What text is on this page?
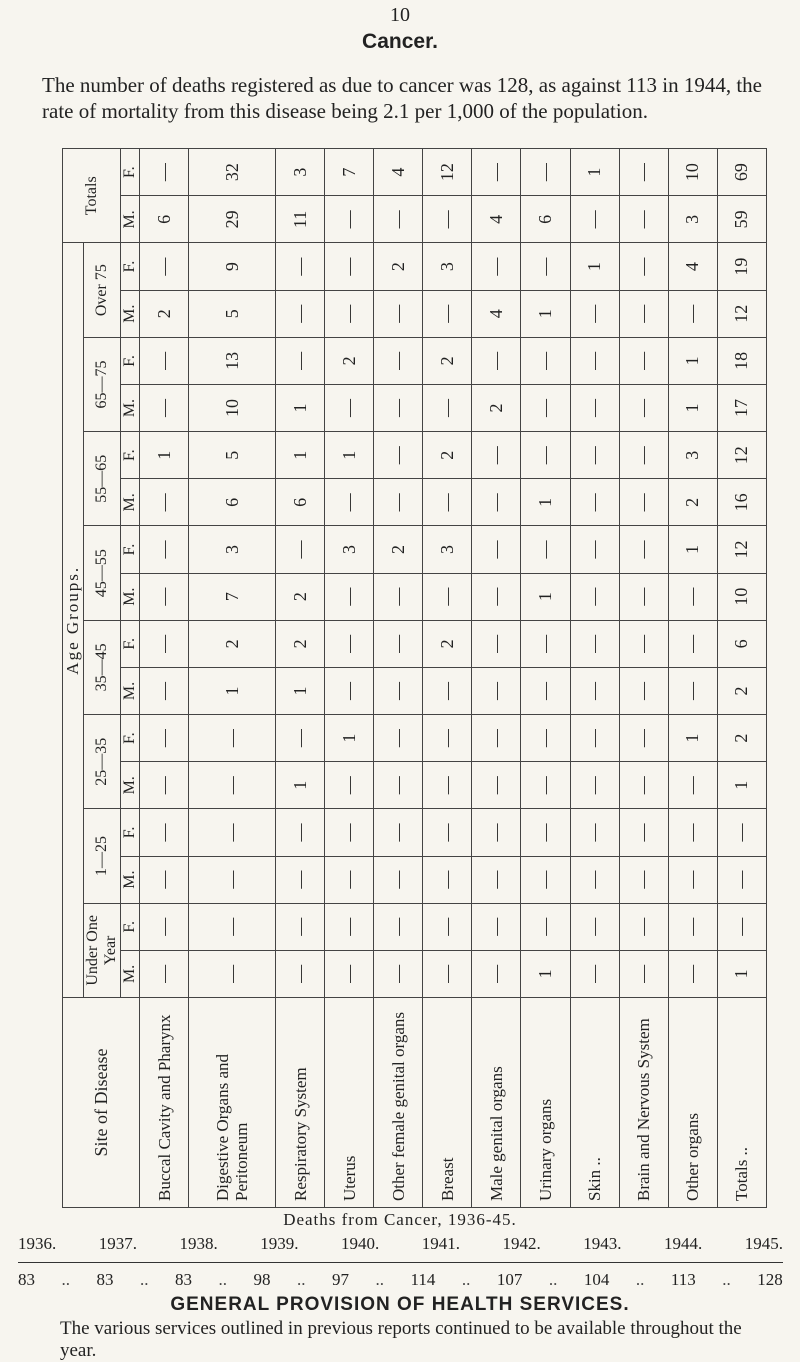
10
Cancer.
The number of deaths registered as due to cancer was 128, as against 113 in 1944, the rate of mortality from this disease being 2.1 per 1,000 of the population.
Site of Disease	Age Groups.																Totals	
	Under One Year		1—25		25—35		35—45		45—55		55—65		65—75		Over 75			
	M.	F.	M.	F.	M.	F.	M.	F.	M.	F.	M.	F.	M.	F.	M.	F.	M.	F.
Buccal Cavity and Pharynx	—	—	—	—	—	—	—	—	—	—	—	1	—	—	2	—	6	—
Digestive Organs and Peritoneum	—	—	—	—	—	—	1	2	7	3	6	5	10	13	5	9	29	32
Respiratory System	—	—	—	—	1	—	1	2	2	—	6	1	1	—	—	—	11	3
Uterus	—	—	—	—	—	1	—	—	—	3	—	1	—	2	—	—	—	7
Other female genital organs	—	—	—	—	—	—	—	—	—	2	—	—	—	—	—	2	—	4
Breast	—	—	—	—	—	—	—	2	—	3	—	2	—	2	—	3	—	12
Male genital organs	—	—	—	—	—	—	—	—	—	—	—	—	2	—	4	—	4	—
Urinary organs	1	—	—	—	—	—	—	—	1	—	1	—	—	—	1	—	6	—
Skin ..	—	—	—	—	—	—	—	—	—	—	—	—	—	—	—	1	—	1
Brain and Nervous System	—	—	—	—	—	—	—	—	—	—	—	—	—	—	—	—	—	—
Other organs	—	—	—	—	—	1	—	—	—	1	2	3	1	1	—	4	3	10
Totals ..	1	—	—	—	1	2	2	6	10	12	16	12	17	18	12	19	59	69
Deaths from Cancer, 1936-45.
1936.	1937.	1938.	1939.	1940.	1941.	1942.	1943.	1944.	1945.
83 .. 83 .. 83 .. 98 .. 97 .. 114 .. 107 .. 104 .. 113 .. 128
GENERAL PROVISION OF HEALTH SERVICES.
The various services outlined in previous reports continued to be available throughout the year.
